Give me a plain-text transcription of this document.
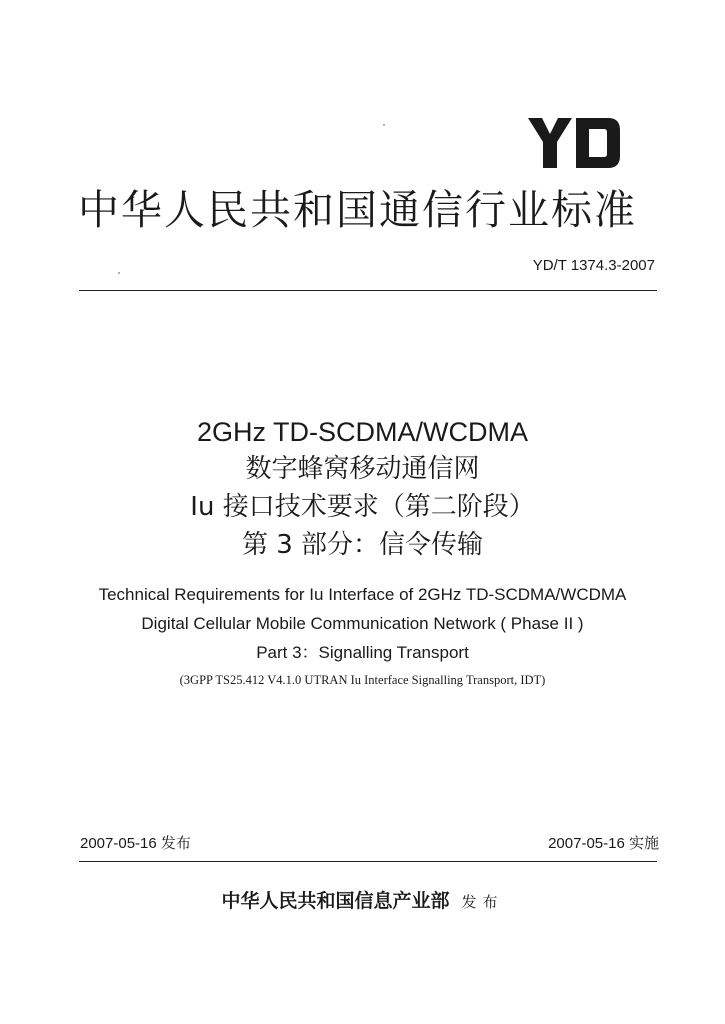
中华人民共和国通信行业标准
YD/T 1374.3-2007
2GHz TD-SCDMA/WCDMA
数字蜂窝移动通信网
Iu 接口技术要求（第二阶段）
第 3 部分：信令传输
Technical Requirements for Iu Interface of 2GHz TD-SCDMA/WCDMA
Digital Cellular Mobile Communication Network ( Phase II )
Part 3：Signalling Transport
(3GPP TS25.412 V4.1.0 UTRAN Iu Interface Signalling Transport, IDT)
2007-05-16 发布	2007-05-16 实施
中华人民共和国信息产业部 发布
